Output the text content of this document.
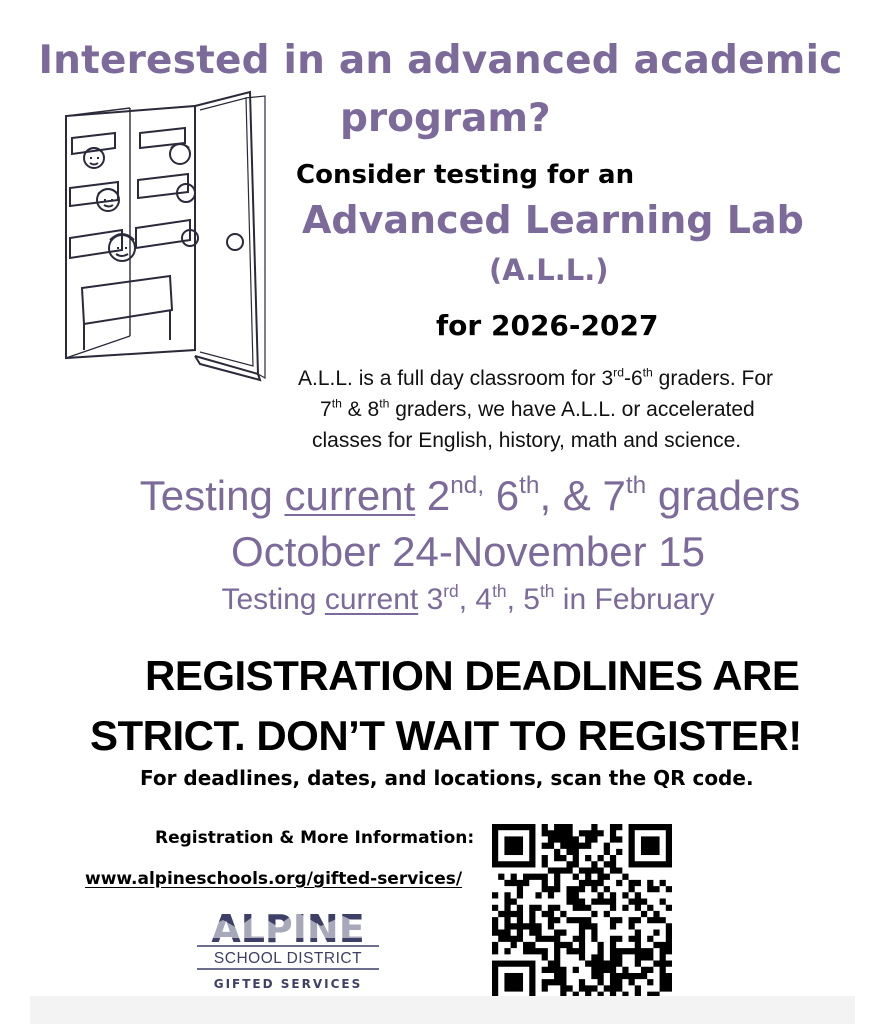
Interested in an advanced academic
program?
Consider testing for an
Advanced Learning Lab
(A.L.L.)
for 2026-2027
A.L.L. is a full day classroom for 3rd-6th graders. For
7th & 8th graders, we have A.L.L. or accelerated
classes for English, history, math and science.
Testing current $2^{nd,}$ 6th, & 7th graders
October 24-November 15
Testing current 3rd, 4th, 5th in February
REGISTRATION DEADLINES ARE
STRICT. DON’T WAIT TO REGISTER!
For deadlines, dates, and locations, scan the QR code.
Registration & More Information:
www.alpineschools.org/gifted-services/
SCHOOL DISTRICT
GIFTED SERVICES
